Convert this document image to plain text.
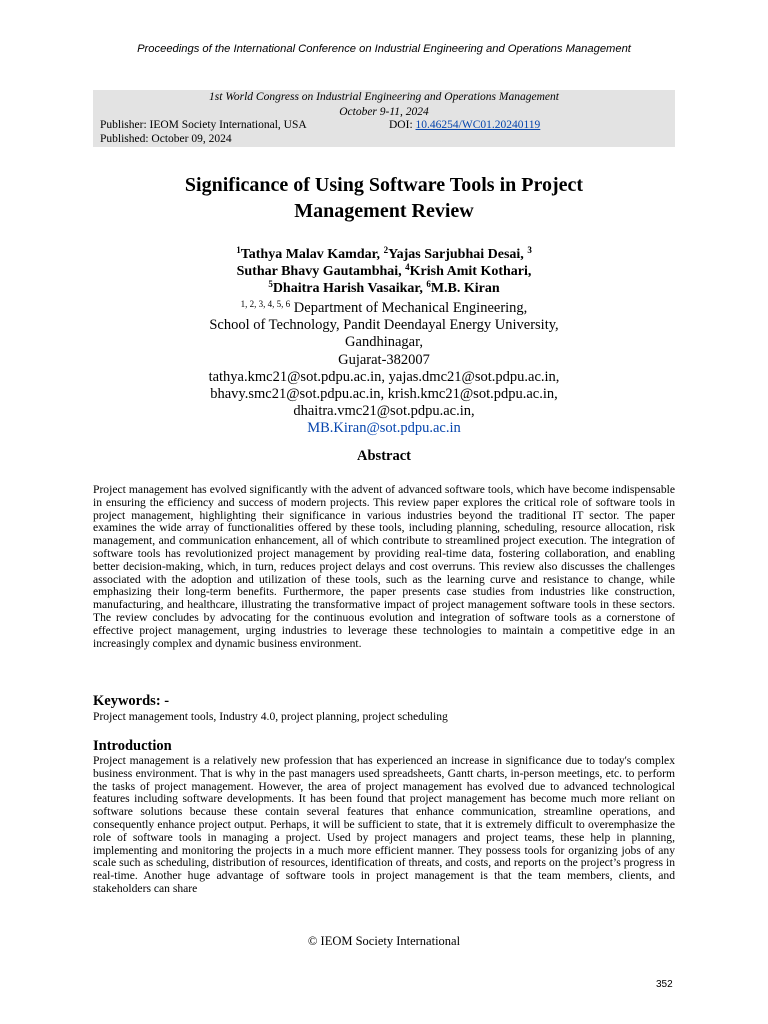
Proceedings of the International Conference on Industrial Engineering and Operations Management
1st World Congress on Industrial Engineering and Operations Management
October 9-11, 2024
Publisher: IEOM Society International, USA	DOI: 10.46254/WC01.20240119
Published: October 09, 2024
Significance of Using Software Tools in Project
Management Review
$^1$Tathya Malav Kamdar, $^2$Yajas Sarjubhai Desai, $^3$
Suthar Bhavy Gautambhai, $^4$Krish Amit Kothari,
$^5$Dhaitra Harish Vasaikar, $^6$M.B. Kiran
$^{1, 2, 3, 4, 5, 6}$ Department of Mechanical Engineering,
School of Technology, Pandit Deendayal Energy University,
Gandhinagar,
Gujarat-382007
tathya.kmc21@sot.pdpu.ac.in, yajas.dmc21@sot.pdpu.ac.in,
bhavy.smc21@sot.pdpu.ac.in, krish.kmc21@sot.pdpu.ac.in,
dhaitra.vmc21@sot.pdpu.ac.in,
MB.Kiran@sot.pdpu.ac.in
Abstract
Project management has evolved significantly with the advent of advanced software tools, which have become indispensable in ensuring the efficiency and success of modern projects. This review paper explores the critical role of software tools in project management, highlighting their significance in various industries beyond the traditional IT sector. The paper examines the wide array of functionalities offered by these tools, including planning, scheduling, resource allocation, risk management, and communication enhancement, all of which contribute to streamlined project execution. The integration of software tools has revolutionized project management by providing real-time data, fostering collaboration, and enabling better decision-making, which, in turn, reduces project delays and cost overruns. This review also discusses the challenges associated with the adoption and utilization of these tools, such as the learning curve and resistance to change, while emphasizing their long-term benefits. Furthermore, the paper presents case studies from industries like construction, manufacturing, and healthcare, illustrating the transformative impact of project management software tools in these sectors. The review concludes by advocating for the continuous evolution and integration of software tools as a cornerstone of effective project management, urging industries to leverage these technologies to maintain a competitive edge in an increasingly complex and dynamic business environment.
Keywords: -
Project management tools, Industry 4.0, project planning, project scheduling
Introduction
Project management is a relatively new profession that has experienced an increase in significance due to today's complex business environment. That is why in the past managers used spreadsheets, Gantt charts, in-person meetings, etc. to perform the tasks of project management. However, the area of project management has evolved due to advanced technological features including software developments. It has been found that project management has become much more reliant on software solutions because these contain several features that enhance communication, streamline operations, and consequently enhance project output. Perhaps, it will be sufficient to state, that it is extremely difficult to overemphasize the role of software tools in managing a project. Used by project managers and project teams, these help in planning, implementing and monitoring the projects in a much more efficient manner. They possess tools for organizing jobs of any scale such as scheduling, distribution of resources, identification of threats, and costs, and reports on the project’s progress in real-time. Another huge advantage of software tools in project management is that the team members, clients, and stakeholders can share
© IEOM Society International
352
